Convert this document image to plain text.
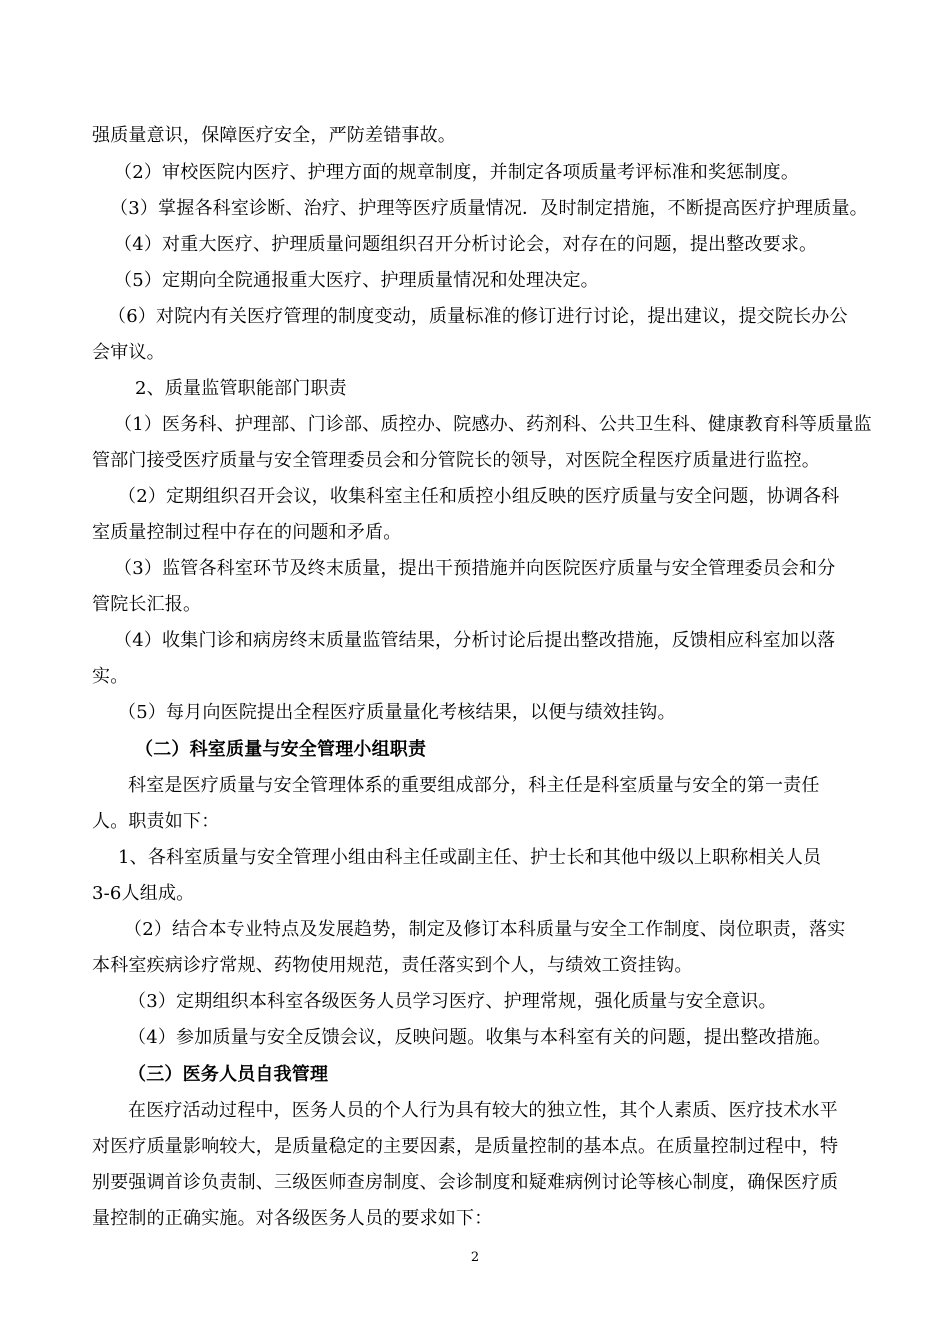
强质量意识，保障医疗安全，严防差错事故。
（2）审校医院内医疗、护理方面的规章制度，并制定各项质量考评标准和奖惩制度。
（3）掌握各科室诊断、治疗、护理等医疗质量情况．及时制定措施，不断提高医疗护理质量。
（4）对重大医疗、护理质量问题组织召开分析讨论会，对存在的问题，提出整改要求。
（5）定期向全院通报重大医疗、护理质量情况和处理决定。
（6）对院内有关医疗管理的制度变动，质量标准的修订进行讨论，提出建议，提交院长办公
会审议。
2、质量监管职能部门职责
（1）医务科、护理部、门诊部、质控办、院感办、药剂科、公共卫生科、健康教育科等质量监
管部门接受医疗质量与安全管理委员会和分管院长的领导，对医院全程医疗质量进行监控。
（2）定期组织召开会议，收集科室主任和质控小组反映的医疗质量与安全问题，协调各科
室质量控制过程中存在的问题和矛盾。
（3）监管各科室环节及终末质量，提出干预措施并向医院医疗质量与安全管理委员会和分
管院长汇报。
（4）收集门诊和病房终末质量监管结果，分析讨论后提出整改措施，反馈相应科室加以落
实。
（5）每月向医院提出全程医疗质量量化考核结果，以便与绩效挂钩。
（二）科室质量与安全管理小组职责
科室是医疗质量与安全管理体系的重要组成部分，科主任是科室质量与安全的第一责任
人。职责如下：
1、各科室质量与安全管理小组由科主任或副主任、护士长和其他中级以上职称相关人员
3-6人组成。
（2）结合本专业特点及发展趋势，制定及修订本科质量与安全工作制度、岗位职责，落实
本科室疾病诊疗常规、药物使用规范，责任落实到个人，与绩效工资挂钩。
（3）定期组织本科室各级医务人员学习医疗、护理常规，强化质量与安全意识。
（4）参加质量与安全反馈会议，反映问题。收集与本科室有关的问题，提出整改措施。
（三）医务人员自我管理
在医疗活动过程中，医务人员的个人行为具有较大的独立性，其个人素质、医疗技术水平
对医疗质量影响较大，是质量稳定的主要因素，是质量控制的基本点。在质量控制过程中，特
别要强调首诊负责制、三级医师查房制度、会诊制度和疑难病例讨论等核心制度，确保医疗质
量控制的正确实施。对各级医务人员的要求如下：
2
